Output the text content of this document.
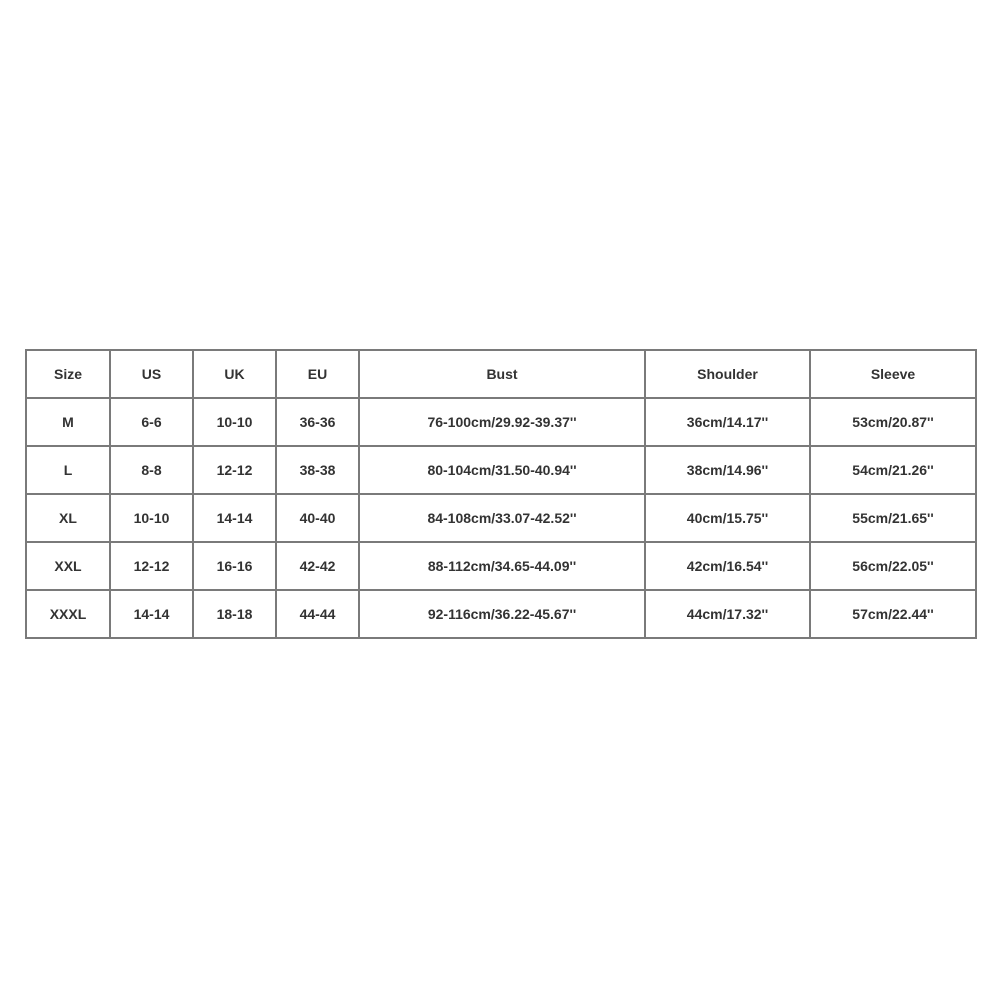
Size	US	UK	EU	Bust	Shoulder	Sleeve
M	6-6	10-10	36-36	76-100cm/29.92-39.37''	36cm/14.17''	53cm/20.87''
L	8-8	12-12	38-38	80-104cm/31.50-40.94''	38cm/14.96''	54cm/21.26''
XL	10-10	14-14	40-40	84-108cm/33.07-42.52''	40cm/15.75''	55cm/21.65''
XXL	12-12	16-16	42-42	88-112cm/34.65-44.09''	42cm/16.54''	56cm/22.05''
XXXL	14-14	18-18	44-44	92-116cm/36.22-45.67''	44cm/17.32''	57cm/22.44''
